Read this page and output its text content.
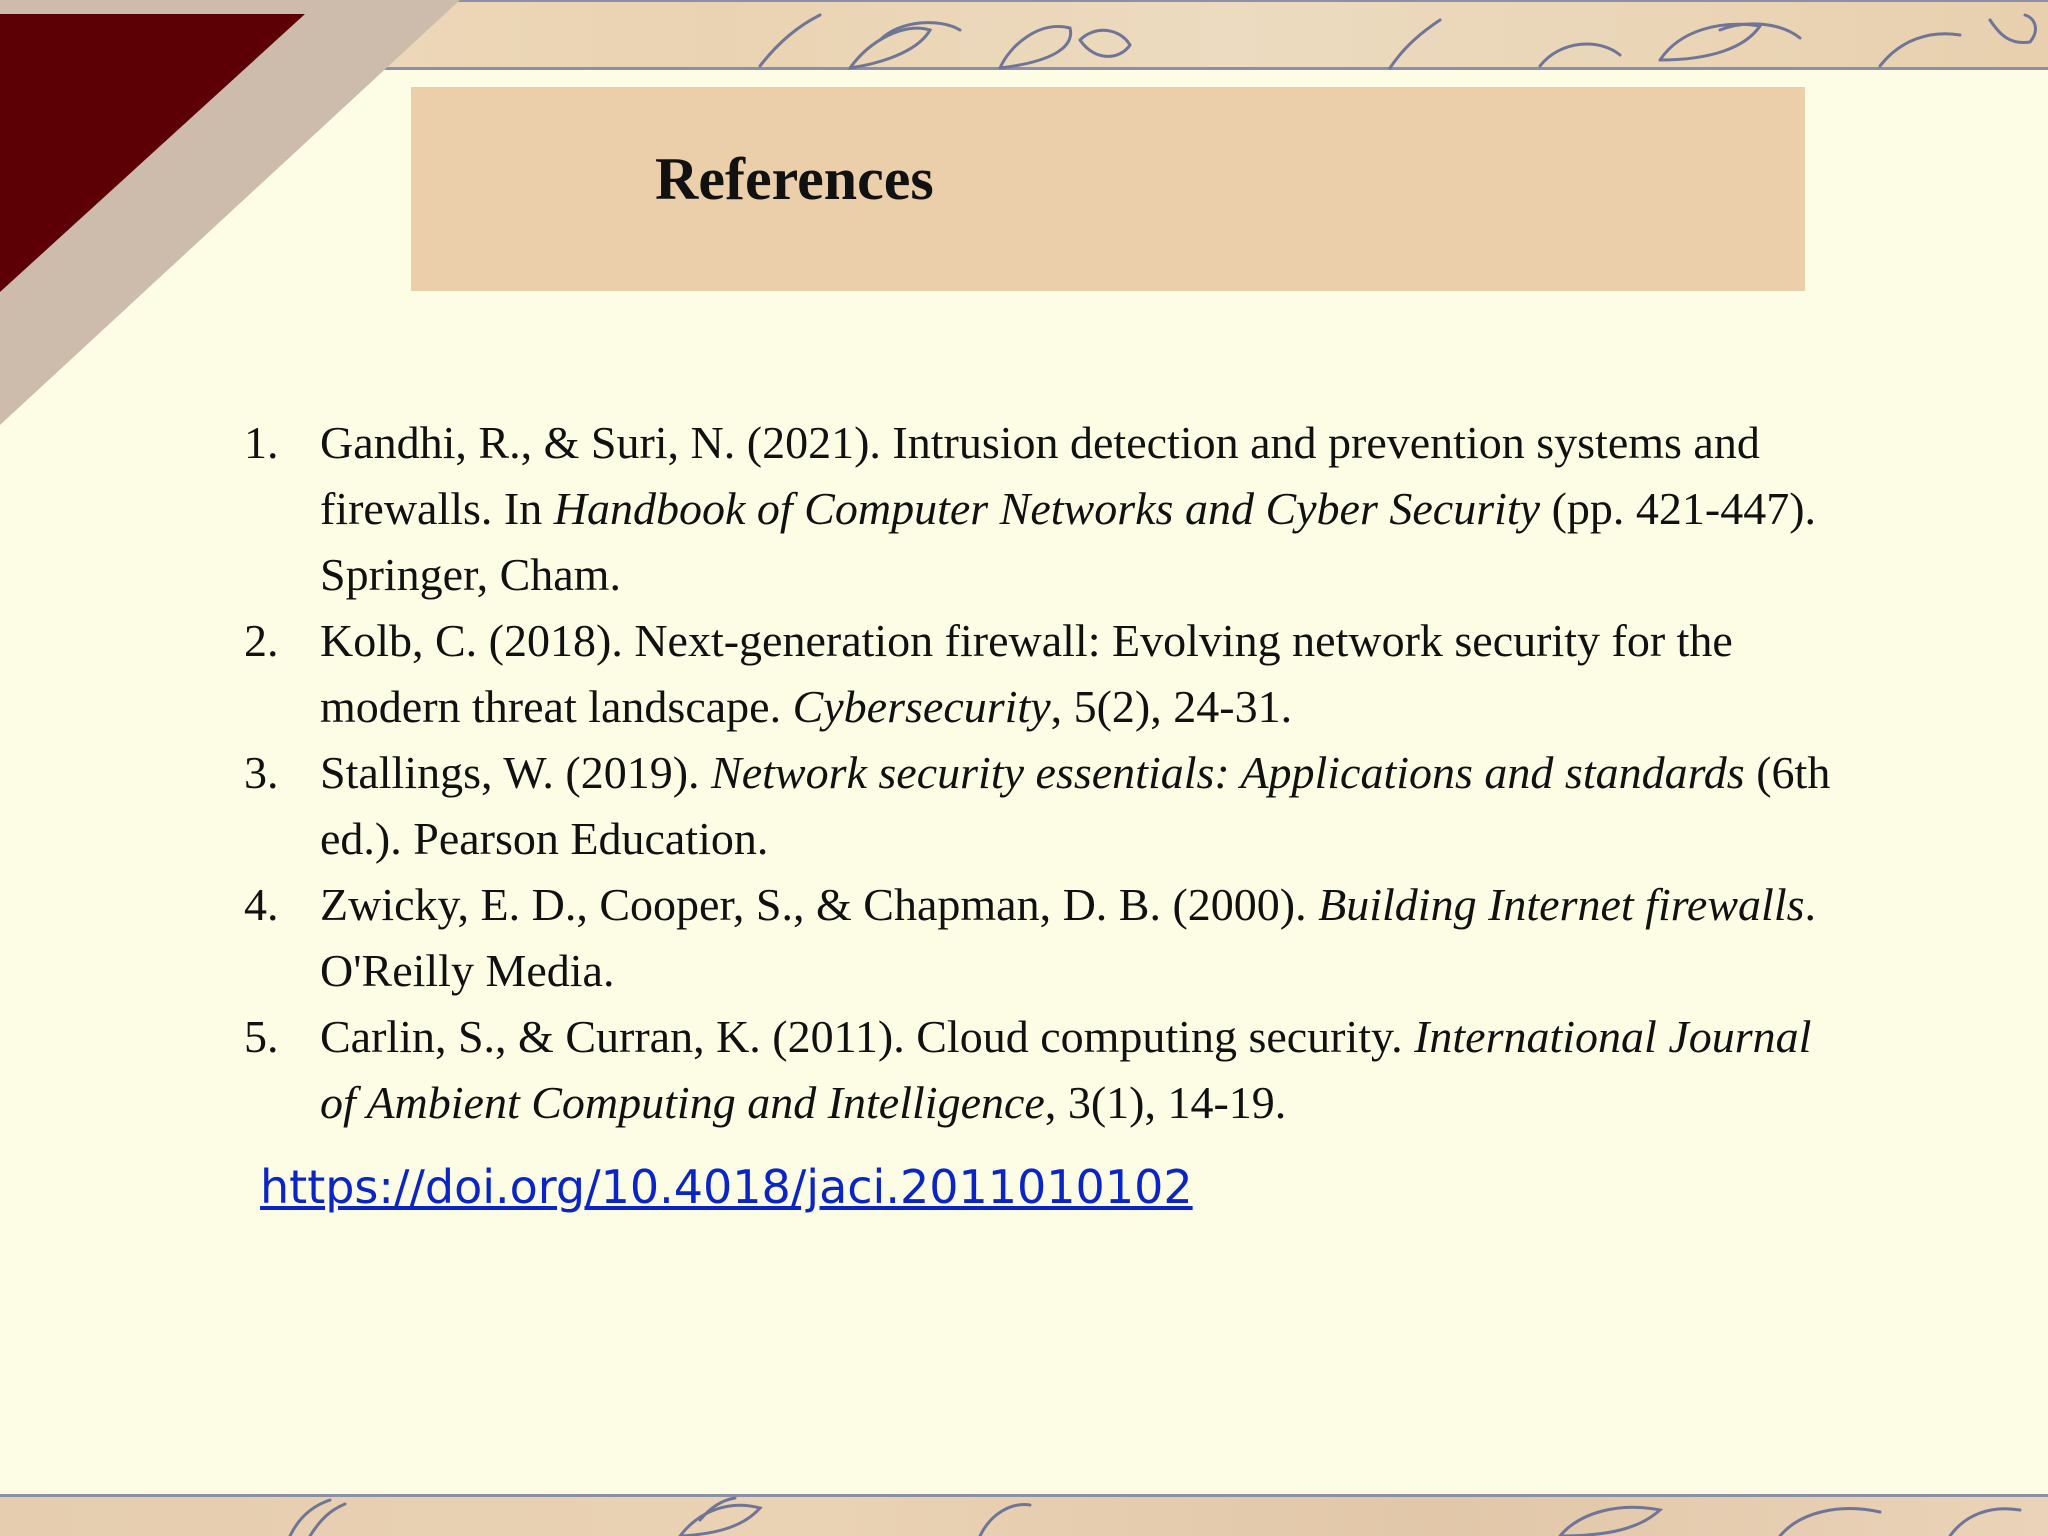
References
1. Gandhi, R., & Suri, N. (2021). Intrusion detection and prevention systems and firewalls. In Handbook of Computer Networks and Cyber Security (pp. 421-447). Springer, Cham.
2. Kolb, C. (2018). Next-generation firewall: Evolving network security for the modern threat landscape. Cybersecurity, 5(2), 24-31.
3. Stallings, W. (2019). Network security essentials: Applications and standards (6th ed.). Pearson Education.
4. Zwicky, E. D., Cooper, S., & Chapman, D. B. (2000). Building Internet firewalls. O'Reilly Media.
5. Carlin, S., & Curran, K. (2011). Cloud computing security. International Journal of Ambient Computing and Intelligence, 3(1), 14-19.
https://doi.org/10.4018/jaci.2011010102
